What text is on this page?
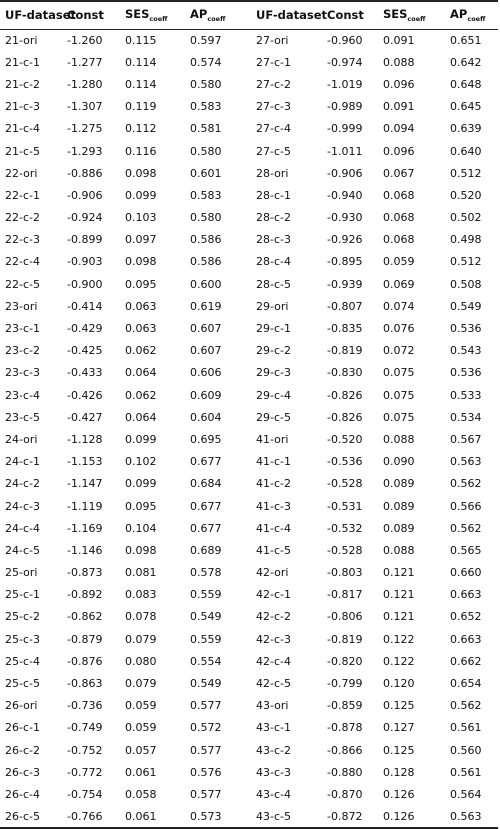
UF-dataset	Const	$SES_{coeff}$	$AP_{coeff}$	UF-dataset	Const	$SES_{coeff}$	$AP_{coeff}$
21-ori	-1.260	0.115	0.597	27-ori	-0.960	0.091	0.651
21-c-1	-1.277	0.114	0.574	27-c-1	-0.974	0.088	0.642
21-c-2	-1.280	0.114	0.580	27-c-2	-1.019	0.096	0.648
21-c-3	-1.307	0.119	0.583	27-c-3	-0.989	0.091	0.645
21-c-4	-1.275	0.112	0.581	27-c-4	-0.999	0.094	0.639
21-c-5	-1.293	0.116	0.580	27-c-5	-1.011	0.096	0.640
22-ori	-0.886	0.098	0.601	28-ori	-0.906	0.067	0.512
22-c-1	-0.906	0.099	0.583	28-c-1	-0.940	0.068	0.520
22-c-2	-0.924	0.103	0.580	28-c-2	-0.930	0.068	0.502
22-c-3	-0.899	0.097	0.586	28-c-3	-0.926	0.068	0.498
22-c-4	-0.903	0.098	0.586	28-c-4	-0.895	0.059	0.512
22-c-5	-0.900	0.095	0.600	28-c-5	-0.939	0.069	0.508
23-ori	-0.414	0.063	0.619	29-ori	-0.807	0.074	0.549
23-c-1	-0.429	0.063	0.607	29-c-1	-0.835	0.076	0.536
23-c-2	-0.425	0.062	0.607	29-c-2	-0.819	0.072	0.543
23-c-3	-0.433	0.064	0.606	29-c-3	-0.830	0.075	0.536
23-c-4	-0.426	0.062	0.609	29-c-4	-0.826	0.075	0.533
23-c-5	-0.427	0.064	0.604	29-c-5	-0.826	0.075	0.534
24-ori	-1.128	0.099	0.695	41-ori	-0.520	0.088	0.567
24-c-1	-1.153	0.102	0.677	41-c-1	-0.536	0.090	0.563
24-c-2	-1.147	0.099	0.684	41-c-2	-0.528	0.089	0.562
24-c-3	-1.119	0.095	0.677	41-c-3	-0.531	0.089	0.566
24-c-4	-1.169	0.104	0.677	41-c-4	-0.532	0.089	0.562
24-c-5	-1.146	0.098	0.689	41-c-5	-0.528	0.088	0.565
25-ori	-0.873	0.081	0.578	42-ori	-0.803	0.121	0.660
25-c-1	-0.892	0.083	0.559	42-c-1	-0.817	0.121	0.663
25-c-2	-0.862	0.078	0.549	42-c-2	-0.806	0.121	0.652
25-c-3	-0.879	0.079	0.559	42-c-3	-0.819	0.122	0.663
25-c-4	-0.876	0.080	0.554	42-c-4	-0.820	0.122	0.662
25-c-5	-0.863	0.079	0.549	42-c-5	-0.799	0.120	0.654
26-ori	-0.736	0.059	0.577	43-ori	-0.859	0.125	0.562
26-c-1	-0.749	0.059	0.572	43-c-1	-0.878	0.127	0.561
26-c-2	-0.752	0.057	0.577	43-c-2	-0.866	0.125	0.560
26-c-3	-0.772	0.061	0.576	43-c-3	-0.880	0.128	0.561
26-c-4	-0.754	0.058	0.577	43-c-4	-0.870	0.126	0.564
26-c-5	-0.766	0.061	0.573	43-c-5	-0.872	0.126	0.563
